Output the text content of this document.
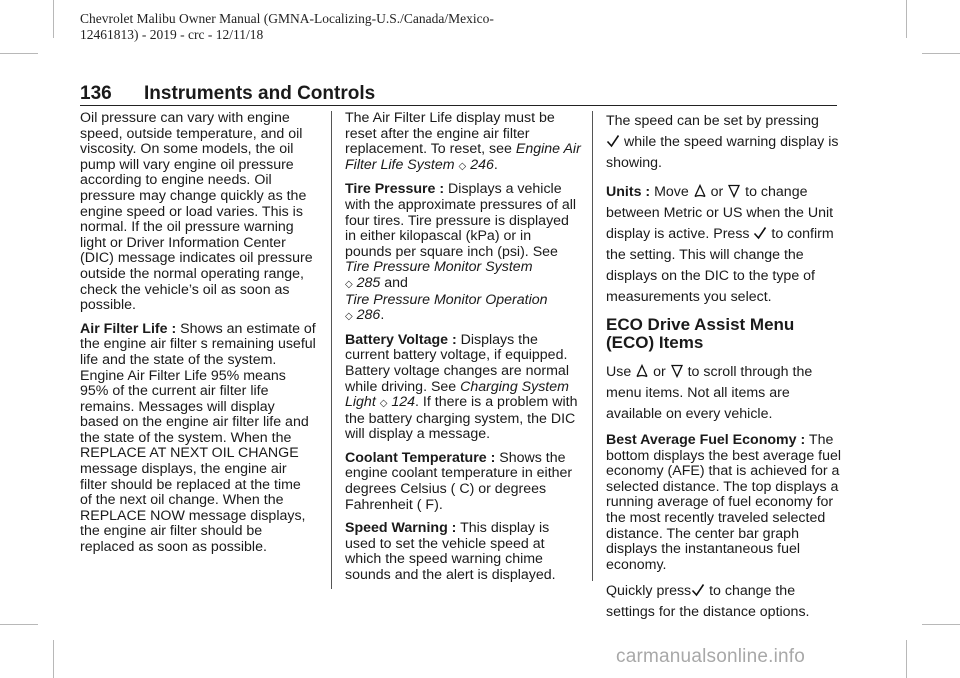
Chevrolet Malibu Owner Manual (GMNA-Localizing-U.S./Canada/Mexico-
12461813) - 2019 - crc - 12/11/18
136 Instruments and Controls

Oil pressure can vary with engine speed, outside temperature, and oil viscosity. On some models, the oil pump will vary engine oil pressure according to engine needs. Oil pressure may change quickly as the engine speed or load varies. This is normal. If the oil pressure warning light or Driver Information Center (DIC) message indicates oil pressure outside the normal operating range, check the vehicle’s oil as soon as possible.

Air Filter Life : Shows an estimate of the engine air filter s remaining useful life and the state of the system. Engine Air Filter Life 95% means 95% of the current air filter life remains. Messages will display based on the engine air filter life and the state of the system. When the REPLACE AT NEXT OIL CHANGE message displays, the engine air filter should be replaced at the time of the next oil change. When the REPLACE NOW message displays, the engine air filter should be replaced as soon as possible.

The Air Filter Life display must be reset after the engine air filter replacement. To reset, see Engine Air Filter Life System ◇ 246.

Tire Pressure : Displays a vehicle with the approximate pressures of all four tires. Tire pressure is displayed in either kilopascal (kPa) or in pounds per square inch (psi). See Tire Pressure Monitor System
◇ 285 and
Tire Pressure Monitor Operation
◇ 286.

Battery Voltage : Displays the current battery voltage, if equipped. Battery voltage changes are normal while driving. See Charging System Light ◇ 124. If there is a problem with the battery charging system, the DIC will display a message.

Coolant Temperature : Shows the engine coolant temperature in either degrees Celsius ( C) or degrees Fahrenheit ( F).

Speed Warning : This display is used to set the vehicle speed at which the speed warning chime sounds and the alert is displayed.

The speed can be set by pressing

while the speed warning display is showing.

Units : Move
or
to change between Metric or US when the Unit display is active. Press
to confirm the setting. This will change the displays on the DIC to the type of measurements you select.

ECO Drive Assist Menu (ECO) Items

Use
or
to scroll through the menu items. Not all items are available on every vehicle.

Best Average Fuel Economy : The bottom displays the best average fuel economy (AFE) that is achieved for a selected distance. The top displays a running average of fuel economy for the most recently traveled selected distance. The center bar graph displays the instantaneous fuel economy.

Quickly press
to change the settings for the distance options.

carmanualsonline.info
